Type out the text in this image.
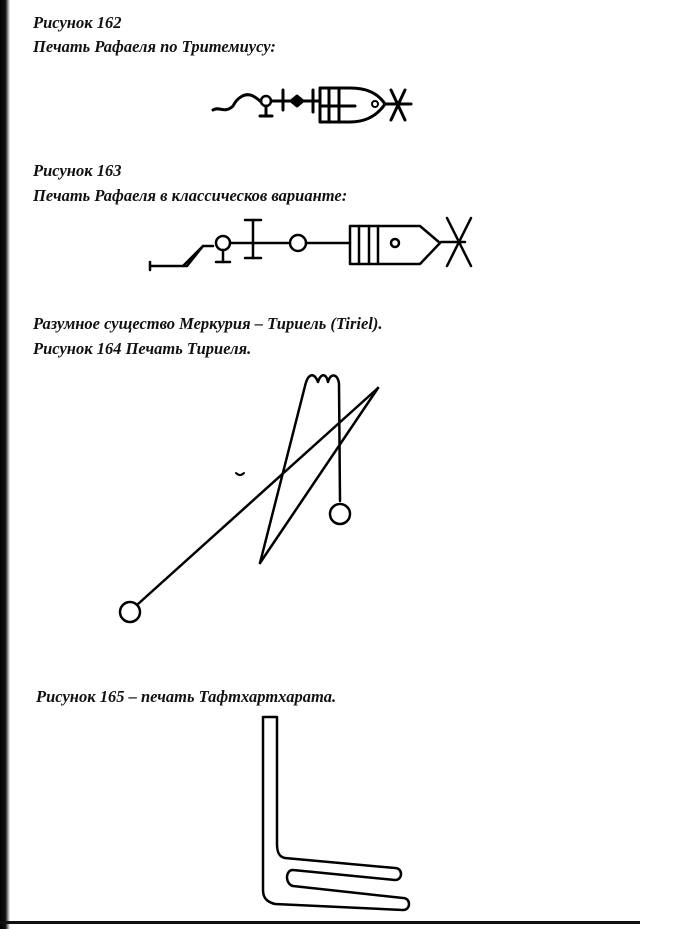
Рисунок 162

Печать Рафаеля по Тритемиусу:

Рисунок 163

Печать Рафаеля в классическов варианте:

Разумное существо Меркурия – Тириель (Tiriel).

Рисунок 164 Печать Тириеля.

Рисунок 165 – печать Тафтхартхарата.
